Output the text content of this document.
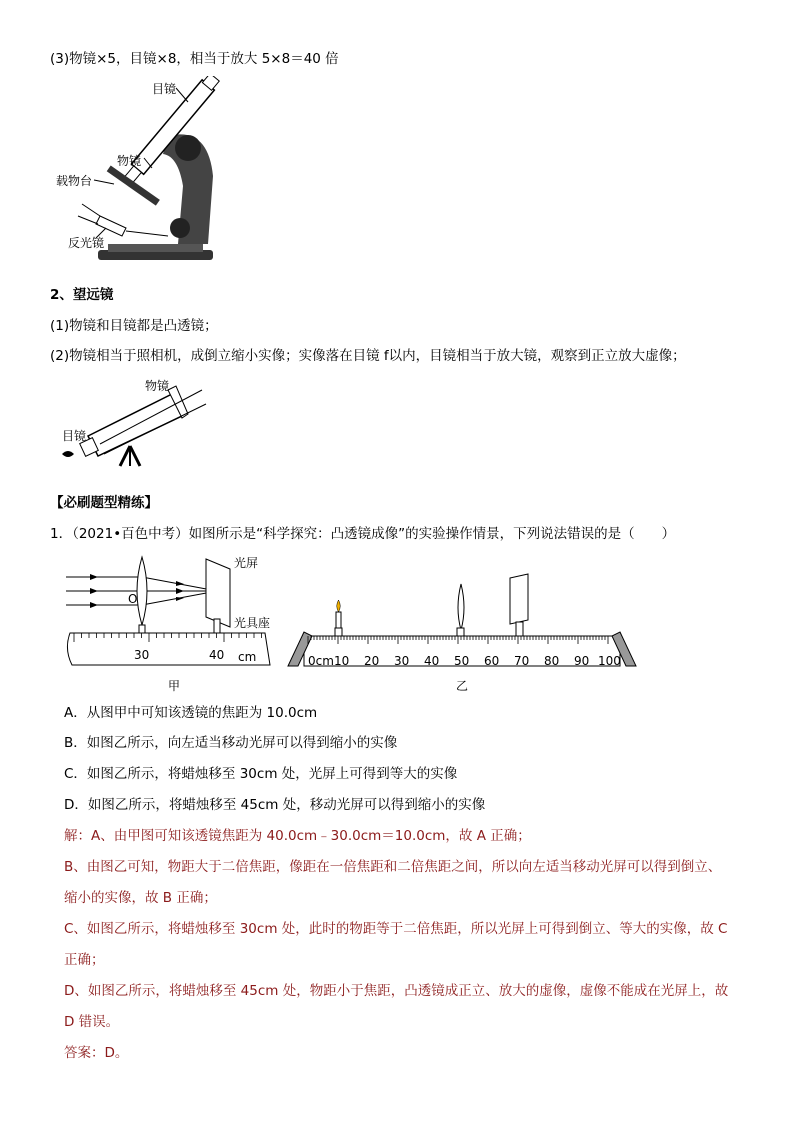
(3)物镜×5，目镜×8，相当于放大 5×8＝40 倍
目镜
物镜
载物台
反光镜
2、望远镜
(1)物镜和目镜都是凸透镜；
(2)物镜相当于照相机，成倒立缩小实像；实像落在目镜 f以内，目镜相当于放大镜，观察到正立放大虚像；
物镜
目镜
【必刷题型精练】
1．（2021•百色中考）如图所示是“科学探究：凸透镜成像”的实验操作情景，下列说法错误的是（　　）
光屏
光具座
O
30	40 cm
甲
0cm 10 20 30 40 50 60 70 80 90 100
乙
A．从图甲中可知该透镜的焦距为 10.0cm
B．如图乙所示，向左适当移动光屏可以得到缩小的实像
C．如图乙所示，将蜡烛移至 30cm 处，光屏上可得到等大的实像
D．如图乙所示，将蜡烛移至 45cm 处，移动光屏可以得到缩小的实像
解：A、由甲图可知该透镜焦距为 40.0cm﹣30.0cm＝10.0cm，故 A 正确；
B、由图乙可知，物距大于二倍焦距，像距在一倍焦距和二倍焦距之间，所以向左适当移动光屏可以得到倒立、
缩小的实像，故 B 正确；
C、如图乙所示，将蜡烛移至 30cm 处，此时的物距等于二倍焦距，所以光屏上可得到倒立、等大的实像，故 C
正确；
D、如图乙所示，将蜡烛移至 45cm 处，物距小于焦距，凸透镜成正立、放大的虚像，虚像不能成在光屏上，故
D 错误。
答案：D。
